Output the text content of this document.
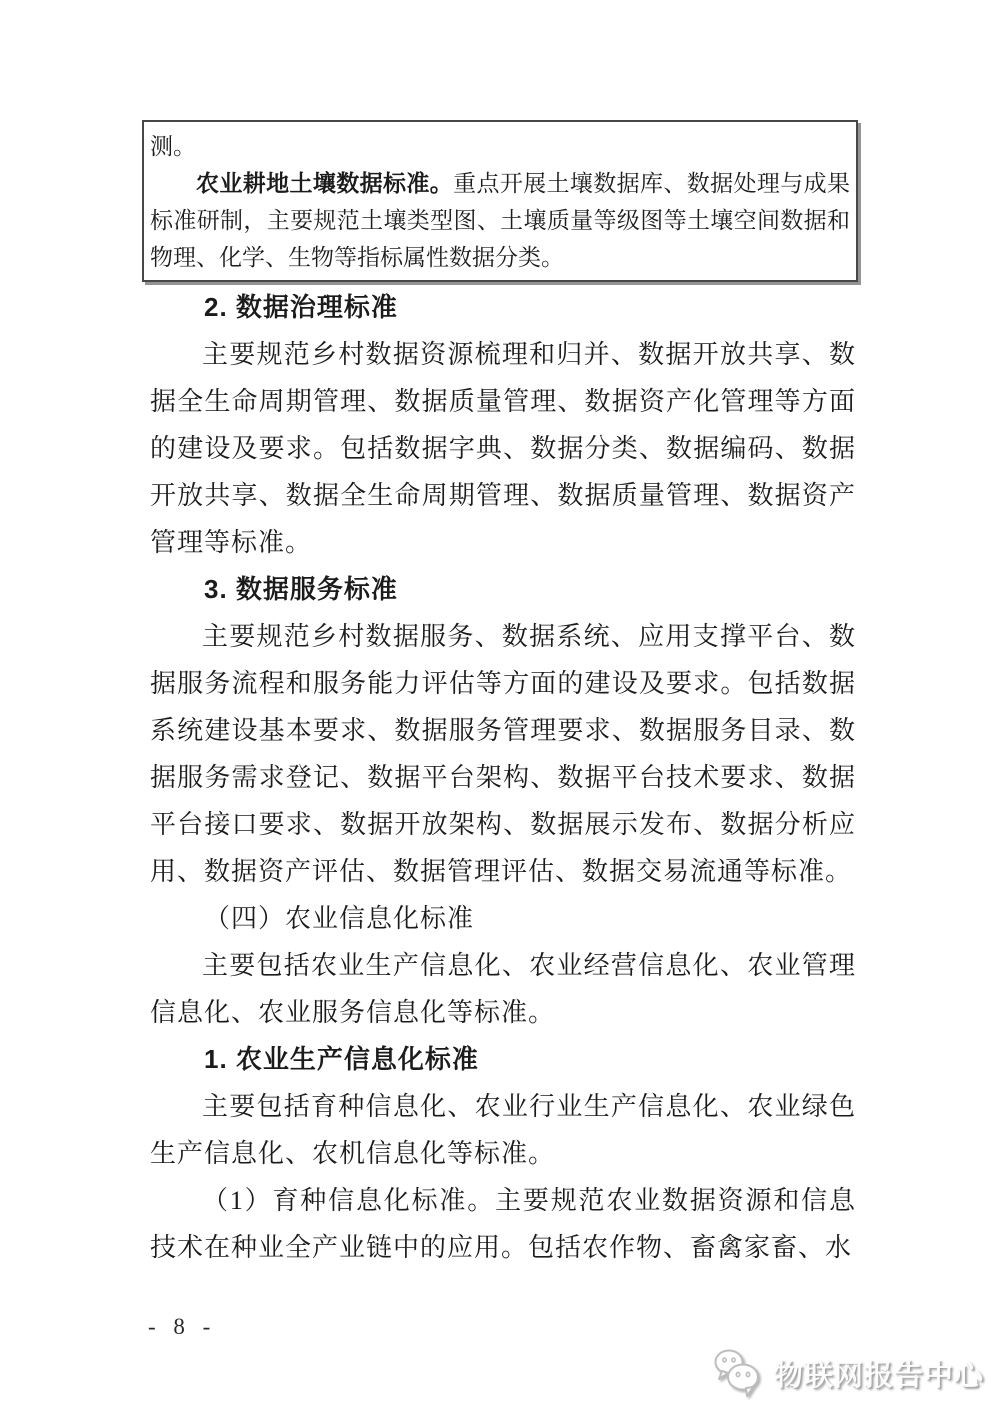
测。

农业耕地土壤数据标准。重点开展土壤数据库、数据处理与成果标准研制，主要规范土壤类型图、土壤质量等级图等土壤空间数据和物理、化学、生物等指标属性数据分类。

2. 数据治理标准

主要规范乡村数据资源梳理和归并、数据开放共享、数据全生命周期管理、数据质量管理、数据资产化管理等方面的建设及要求。包括数据字典、数据分类、数据编码、数据开放共享、数据全生命周期管理、数据质量管理、数据资产管理等标准。

3. 数据服务标准

主要规范乡村数据服务、数据系统、应用支撑平台、数据服务流程和服务能力评估等方面的建设及要求。包括数据系统建设基本要求、数据服务管理要求、数据服务目录、数据服务需求登记、数据平台架构、数据平台技术要求、数据平台接口要求、数据开放架构、数据展示发布、数据分析应用、数据资产评估、数据管理评估、数据交易流通等标准。

（四）农业信息化标准

主要包括农业生产信息化、农业经营信息化、农业管理信息化、农业服务信息化等标准。

1. 农业生产信息化标准

主要包括育种信息化、农业行业生产信息化、农业绿色生产信息化、农机信息化等标准。

（1）育种信息化标准。主要规范农业数据资源和信息技术在种业全产业链中的应用。包括农作物、畜禽家畜、水

- 8 -
物联网报告中心
